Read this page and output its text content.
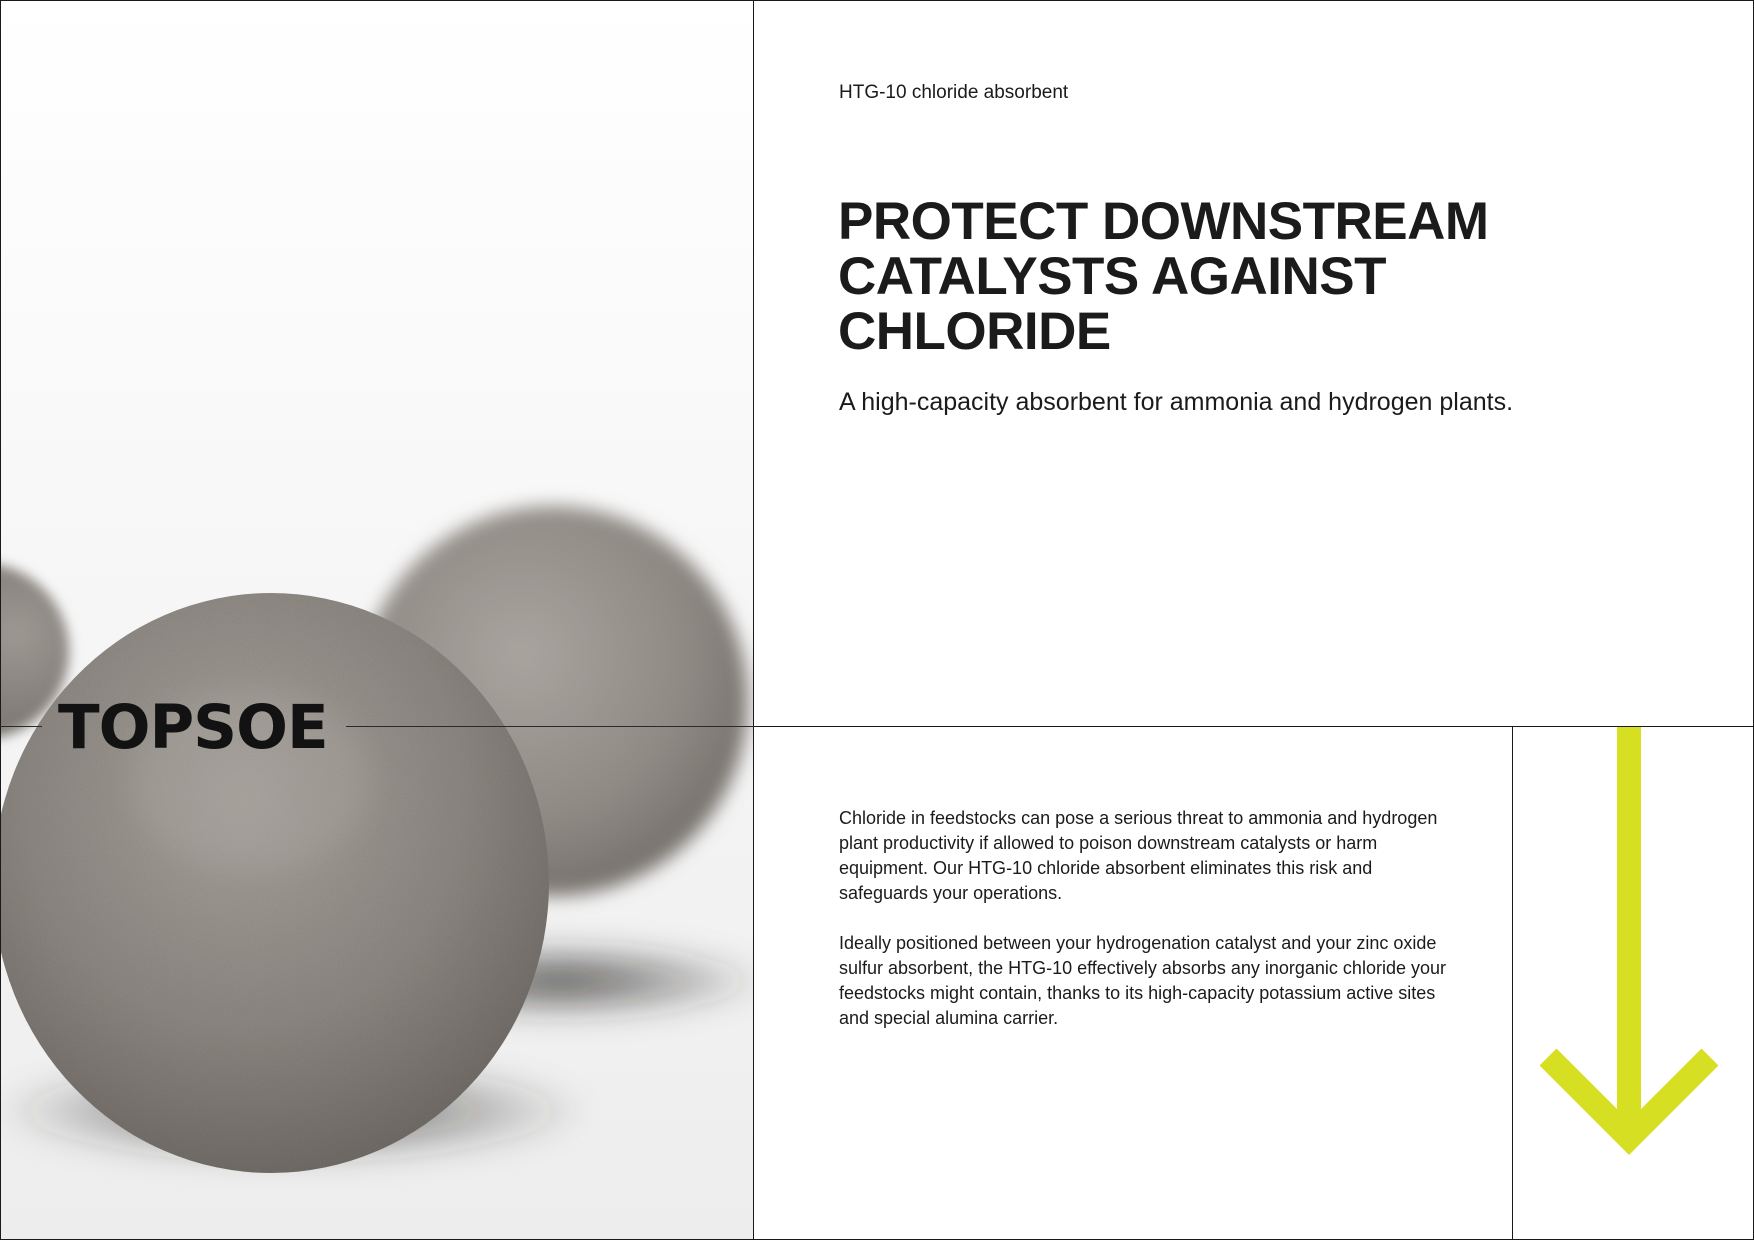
TOPSOE

HTG-10 chloride absorbent

PROTECT DOWNSTREAM
CATALYSTS AGAINST
CHLORIDE

A high-capacity absorbent for ammonia and hydrogen plants.

Chloride in feedstocks can pose a serious threat to ammonia and hydrogen plant productivity if allowed to poison downstream catalysts or harm equipment. Our HTG-10 chloride absorbent eliminates this risk and safeguards your operations.

Ideally positioned between your hydrogenation catalyst and your zinc oxide sulfur absorbent, the HTG-10 effectively absorbs any inorganic chloride your feedstocks might contain, thanks to its high-capacity potassium active sites and special alumina carrier.
